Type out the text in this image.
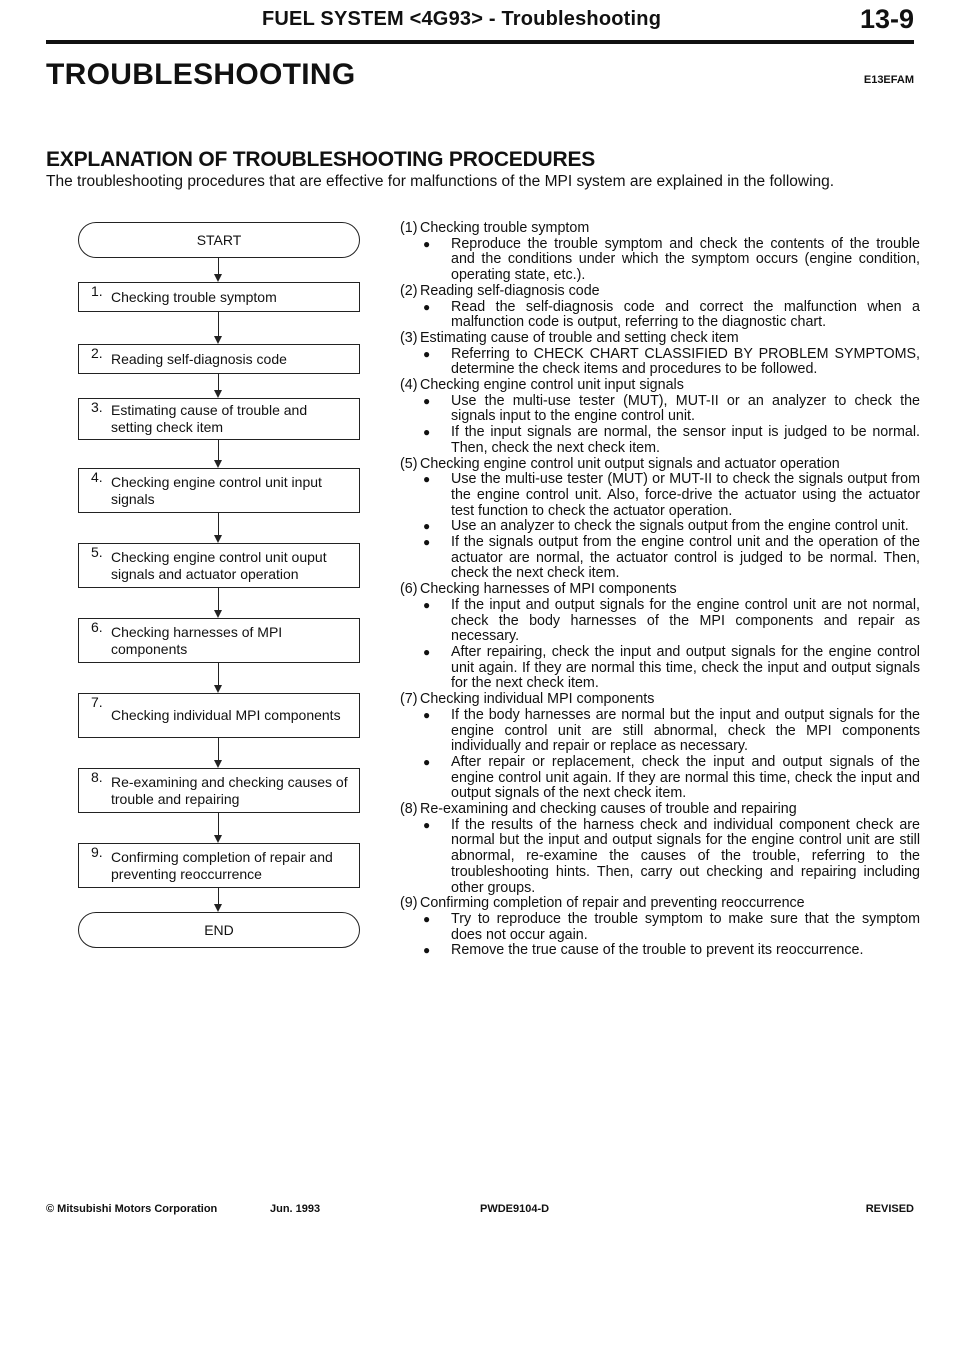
FUEL SYSTEM <4G93> - Troubleshooting	13-9
TROUBLESHOOTING	E13EFAM
EXPLANATION OF TROUBLESHOOTING PROCEDURES
The troubleshooting procedures that are effective for malfunctions of the MPI system are explained in the following.
START
1. Checking trouble symptom
2. Reading self-diagnosis code
3. Estimating cause of trouble and setting check item
4. Checking engine control unit input signals
5. Checking engine control unit ouput signals and actuator operation
6. Checking harnesses of MPI components
7.
Checking individual MPI components
8. Re-examining and checking causes of trouble and repairing
9. Confirming completion of repair and preventing reoccurrence
END
(1) Checking trouble symptom
●	Reproduce the trouble symptom and check the contents of the trouble and the conditions under which the symptom occurs (engine condition, operating state, etc.).
(2) Reading self-diagnosis code
●	Read the self-diagnosis code and correct the malfunction when a malfunction code is output, referring to the diagnostic chart.
(3) Estimating cause of trouble and setting check item
●	Referring to CHECK CHART CLASSIFIED BY PROBLEM SYMPTOMS, determine the check items and procedures to be followed.
(4) Checking engine control unit input signals
●	Use the multi-use tester (MUT), MUT-II or an analyzer to check the signals input to the engine control unit.
●	If the input signals are normal, the sensor input is judged to be normal. Then, check the next check item.
(5) Checking engine control unit output signals and actuator operation
●	Use the multi-use tester (MUT) or MUT-II to check the signals output from the engine control unit. Also, force-drive the actuator using the actuator test function to check the actuator operation.
●	Use an analyzer to check the signals output from the engine control unit.
●	If the signals output from the engine control unit and the operation of the actuator are normal, the actuator control is judged to be normal. Then, check the next check item.
(6) Checking harnesses of MPI components
●	If the input and output signals for the engine control unit are not normal, check the body harnesses of the MPI components and repair as necessary.
●	After repairing, check the input and output signals for the engine control unit again. If they are normal this time, check the input and output signals for the next check item.
(7) Checking individual MPI components
●	If the body harnesses are normal but the input and output signals for the engine control unit are still abnormal, check the MPI components individually and repair or replace as necessary.
●	After repair or replacement, check the input and output signals of the engine control unit again. If they are normal this time, check the input and output signals of the next check item.
(8) Re-examining and checking causes of trouble and repairing
●	If the results of the harness check and individual component check are normal but the input and output signals for the engine control unit are still abnormal, re-examine the causes of the trouble, referring to the troubleshooting hints. Then, carry out checking and repairing including other groups.
(9) Confirming completion of repair and preventing reoccurrence
●	Try to reproduce the trouble symptom to make sure that the symptom does not occur again.
●	Remove the true cause of the trouble to prevent its reoccurrence.
© Mitsubishi Motors Corporation	Jun. 1993	PWDE9104-D	REVISED
